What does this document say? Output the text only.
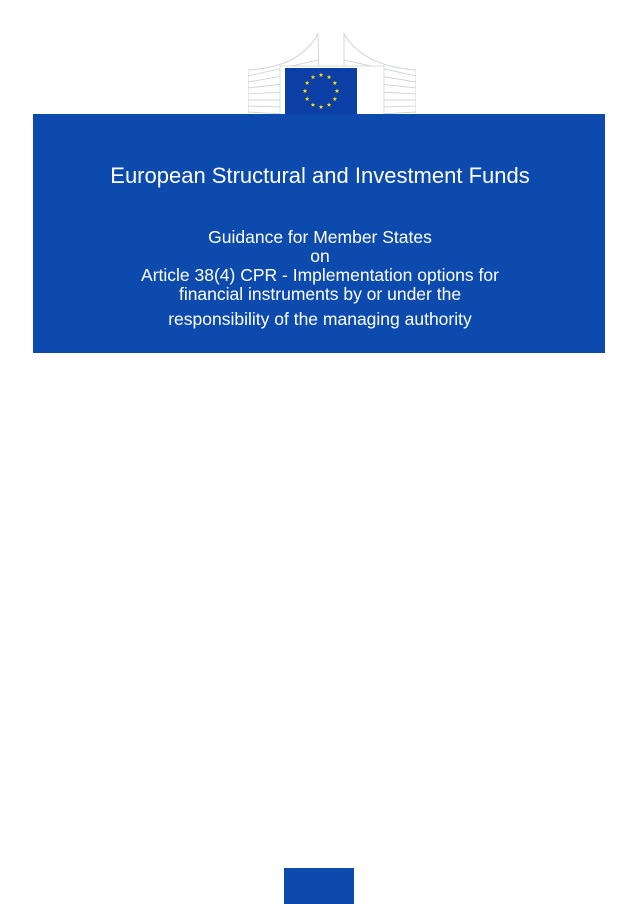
European Structural and Investment Funds
Guidance for Member States
on
Article 38(4) CPR - Implementation options for
financial instruments by or under the
responsibility of the managing authority
